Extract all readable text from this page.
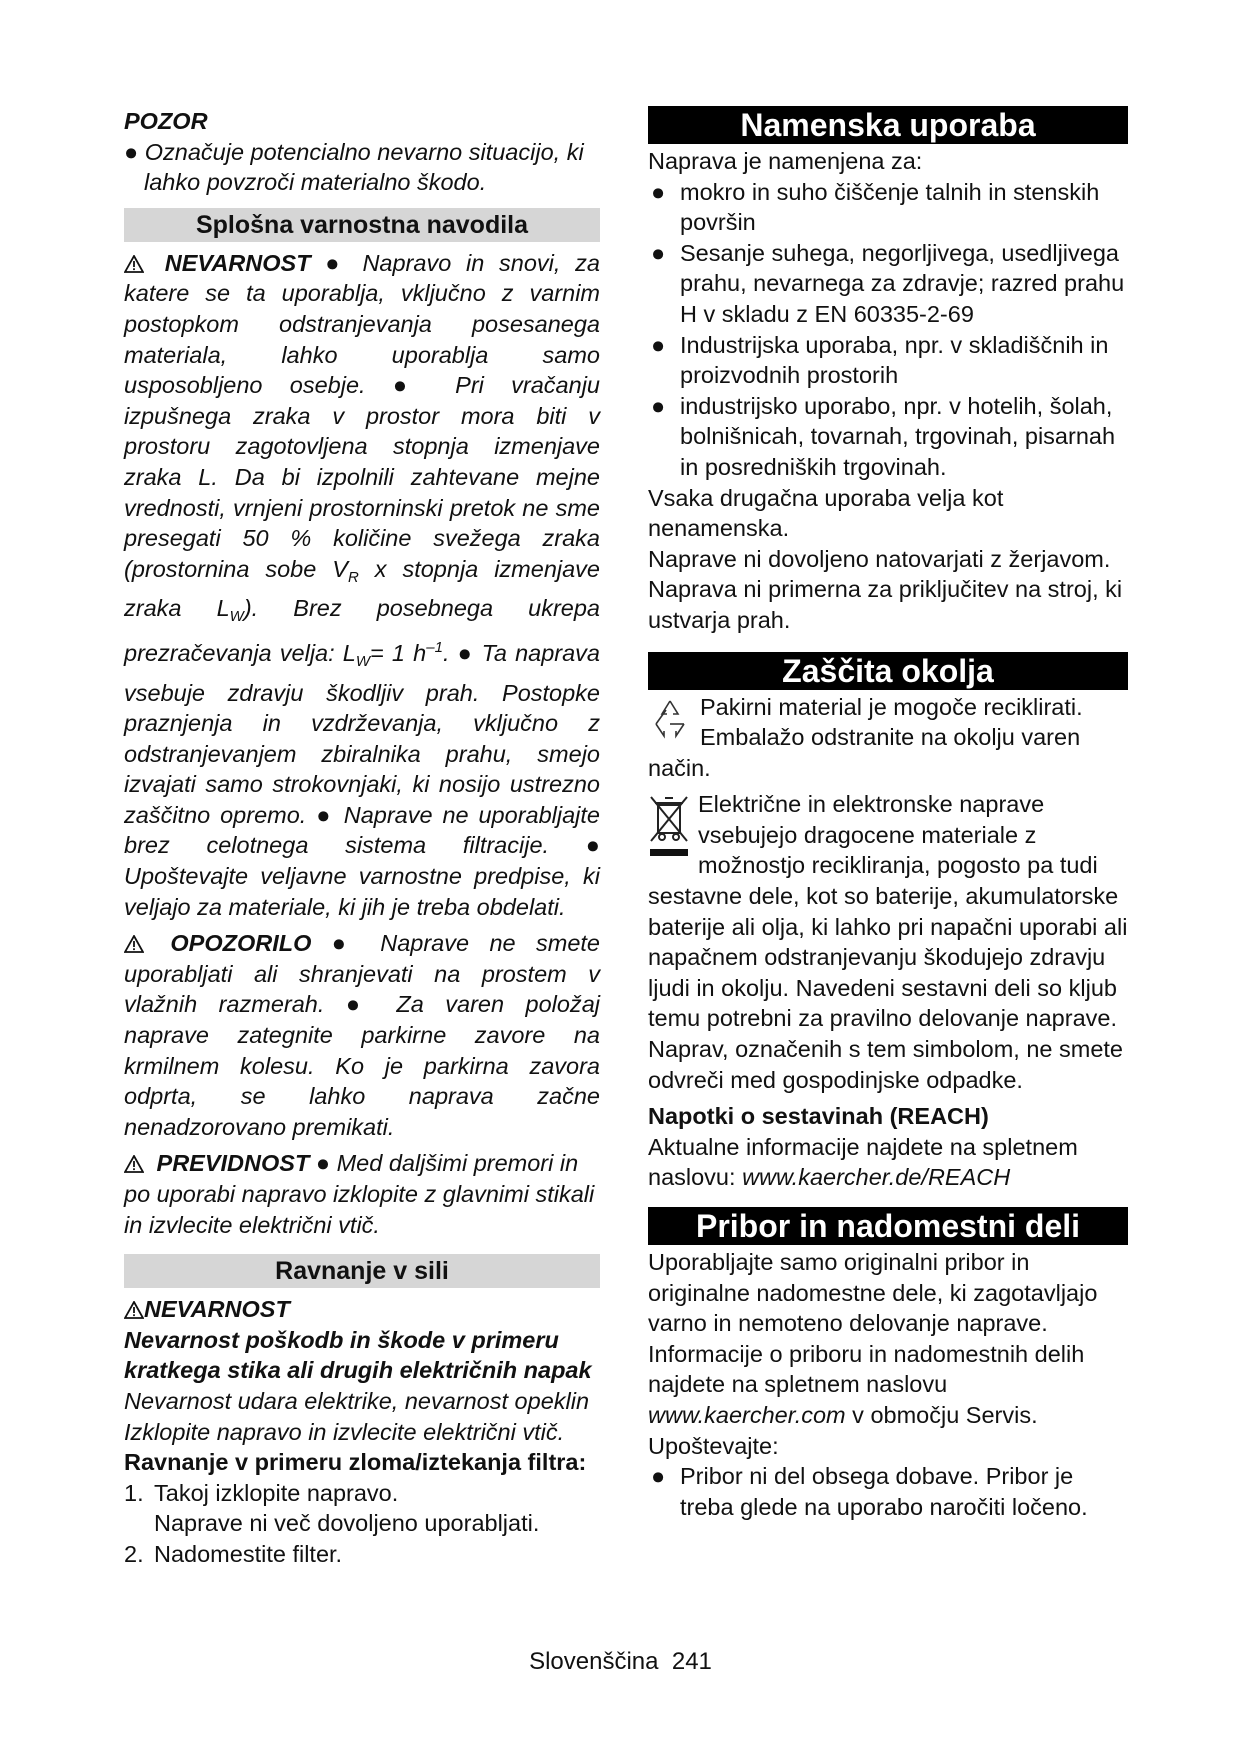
POZOR

● Označuje potencialno nevarno situacijo, ki lahko povzroči materialno škodo.

Splošna varnostna navodila

NEVARNOST ● Napravo in snovi, za katere se ta uporablja, vključno z varnim postopkom odstranjevanja posesanega materiala, lahko uporablja samo usposobljeno osebje. ● Pri vračanju izpušnega zraka v prostor mora biti v prostoru zagotovljena stopnja izmenjave zraka L. Da bi izpolnili zahtevane mejne vrednosti, vrnjeni prostorninski pretok ne sme presegati 50 % količine svežega zraka (prostornina sobe $V_R$ x stopnja izmenjave zraka $L_W$). Brez posebnega ukrepa prezračevanja velja: $L_W= 1$ $h^{-1}$. ● Ta naprava vsebuje zdravju škodljiv prah. Postopke praznjenja in vzdrževanja, vključno z odstranjevanjem zbiralnika prahu, smejo izvajati samo strokovnjaki, ki nosijo ustrezno zaščitno opremo. ● Naprave ne uporabljajte brez celotnega sistema filtracije. ● Upoštevajte veljavne varnostne predpise, ki veljajo za materiale, ki jih je treba obdelati.

OPOZORILO ● Naprave ne smete uporabljati ali shranjevati na prostem v vlažnih razmerah. ● Za varen položaj naprave zategnite parkirne zavore na krmilnem kolesu. Ko je parkirna zavora odprta, se lahko naprava začne nenadzorovano premikati.

PREVIDNOST ● Med daljšimi premori in po uporabi napravo izklopite z glavnimi stikali in izvlecite električni vtič.

Ravnanje v sili

NEVARNOST

Nevarnost poškodb in škode v primeru kratkega stika ali drugih električnih napak

Nevarnost udara elektrike, nevarnost opeklin

Izklopite napravo in izvlecite električni vtič.

Ravnanje v primeru zloma/iztekanja filtra:

1. Takoj izklopite napravo.
Naprave ni več dovoljeno uporabljati.
2. Nadomestite filter.
Namenska uporaba

Naprava je namenjena za:

● mokro in suho čiščenje talnih in stenskih površin
● Sesanje suhega, negorljivega, usedljivega prahu, nevarnega za zdravje; razred prahu H v skladu z EN 60335-2-69
● Industrijska uporaba, npr. v skladiščnih in proizvodnih prostorih
● industrijsko uporabo, npr. v hotelih, šolah, bolnišnicah, tovarnah, trgovinah, pisarnah in posredniških trgovinah.

Vsaka drugačna uporaba velja kot nenamenska.

Naprave ni dovoljeno natovarjati z žerjavom.

Naprava ni primerna za priključitev na stroj, ki ustvarja prah.

Zaščita okolja

Pakirni material je mogoče reciklirati. Embalažo odstranite na okolju varen način.

Električne in elektronske naprave vsebujejo dragocene materiale z možnostjo recikliranja, pogosto pa tudi sestavne dele, kot so baterije, akumulatorske baterije ali olja, ki lahko pri napačni uporabi ali napačnem odstranjevanju škodujejo zdravju ljudi in okolju. Navedeni sestavni deli so kljub temu potrebni za pravilno delovanje naprave. Naprav, označenih s tem simbolom, ne smete odvreči med gospodinjske odpadke.

Napotki o sestavinah (REACH)

Aktualne informacije najdete na spletnem naslovu: www.kaercher.de/REACH

Pribor in nadomestni deli

Uporabljajte samo originalni pribor in originalne nadomestne dele, ki zagotavljajo varno in nemoteno delovanje naprave.

Informacije o priboru in nadomestnih delih najdete na spletnem naslovu www.kaercher.com v območju Servis.

Upoštevajte:

● Pribor ni del obsega dobave. Pribor je treba glede na uporabo naročiti ločeno.
Slovenščina 241
